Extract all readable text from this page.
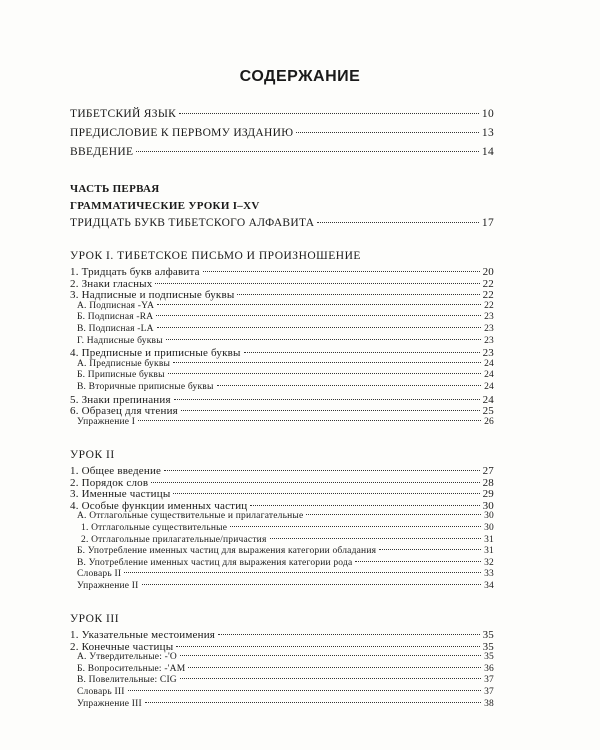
СОДЕРЖАНИЕ
ТИБЕТСКИЙ ЯЗЫК	10
ПРЕДИСЛОВИЕ К ПЕРВОМУ ИЗДАНИЮ	13
ВВЕДЕНИЕ	14
ЧАСТЬ ПЕРВАЯ
ГРАММАТИЧЕСКИЕ УРОКИ I–XV
ТРИДЦАТЬ БУКВ ТИБЕТСКОГО АЛФАВИТА	17
УРОК I. ТИБЕТСКОЕ ПИСЬМО И ПРОИЗНОШЕНИЕ
1. Тридцать букв алфавита	20
2. Знаки гласных	22
3. Надписные и подписные буквы	22
А. Подписная -YA	22
Б. Подписная -RA	23
В. Подписная -LA	23
Г. Надписные буквы	23
4. Предписные и приписные буквы	23
А. Предписные буквы	24
Б. Приписные буквы	24
В. Вторичные приписные буквы	24
5. Знаки препинания	24
6. Образец для чтения	25
Упражнение I	26
УРОК II
1. Общее введение	27
2. Порядок слов	28
3. Именные частицы	29
4. Особые функции именных частиц	30
А. Отглагольные существительные и прилагательные	30
1. Отглагольные существительные	30
2. Отглагольные прилагательные/причастия	31
Б. Употребление именных частиц для выражения категории обладания	31
В. Употребление именных частиц для выражения категории рода	32
Словарь II	33
Упражнение II	34
УРОК III
1. Указательные местоимения	35
2. Конечные частицы	35
А. Утвердительные: -'O	35
Б. Вопросительные: -'AM	36
В. Повелительные: CIG	37
Словарь III	37
Упражнение III	38
